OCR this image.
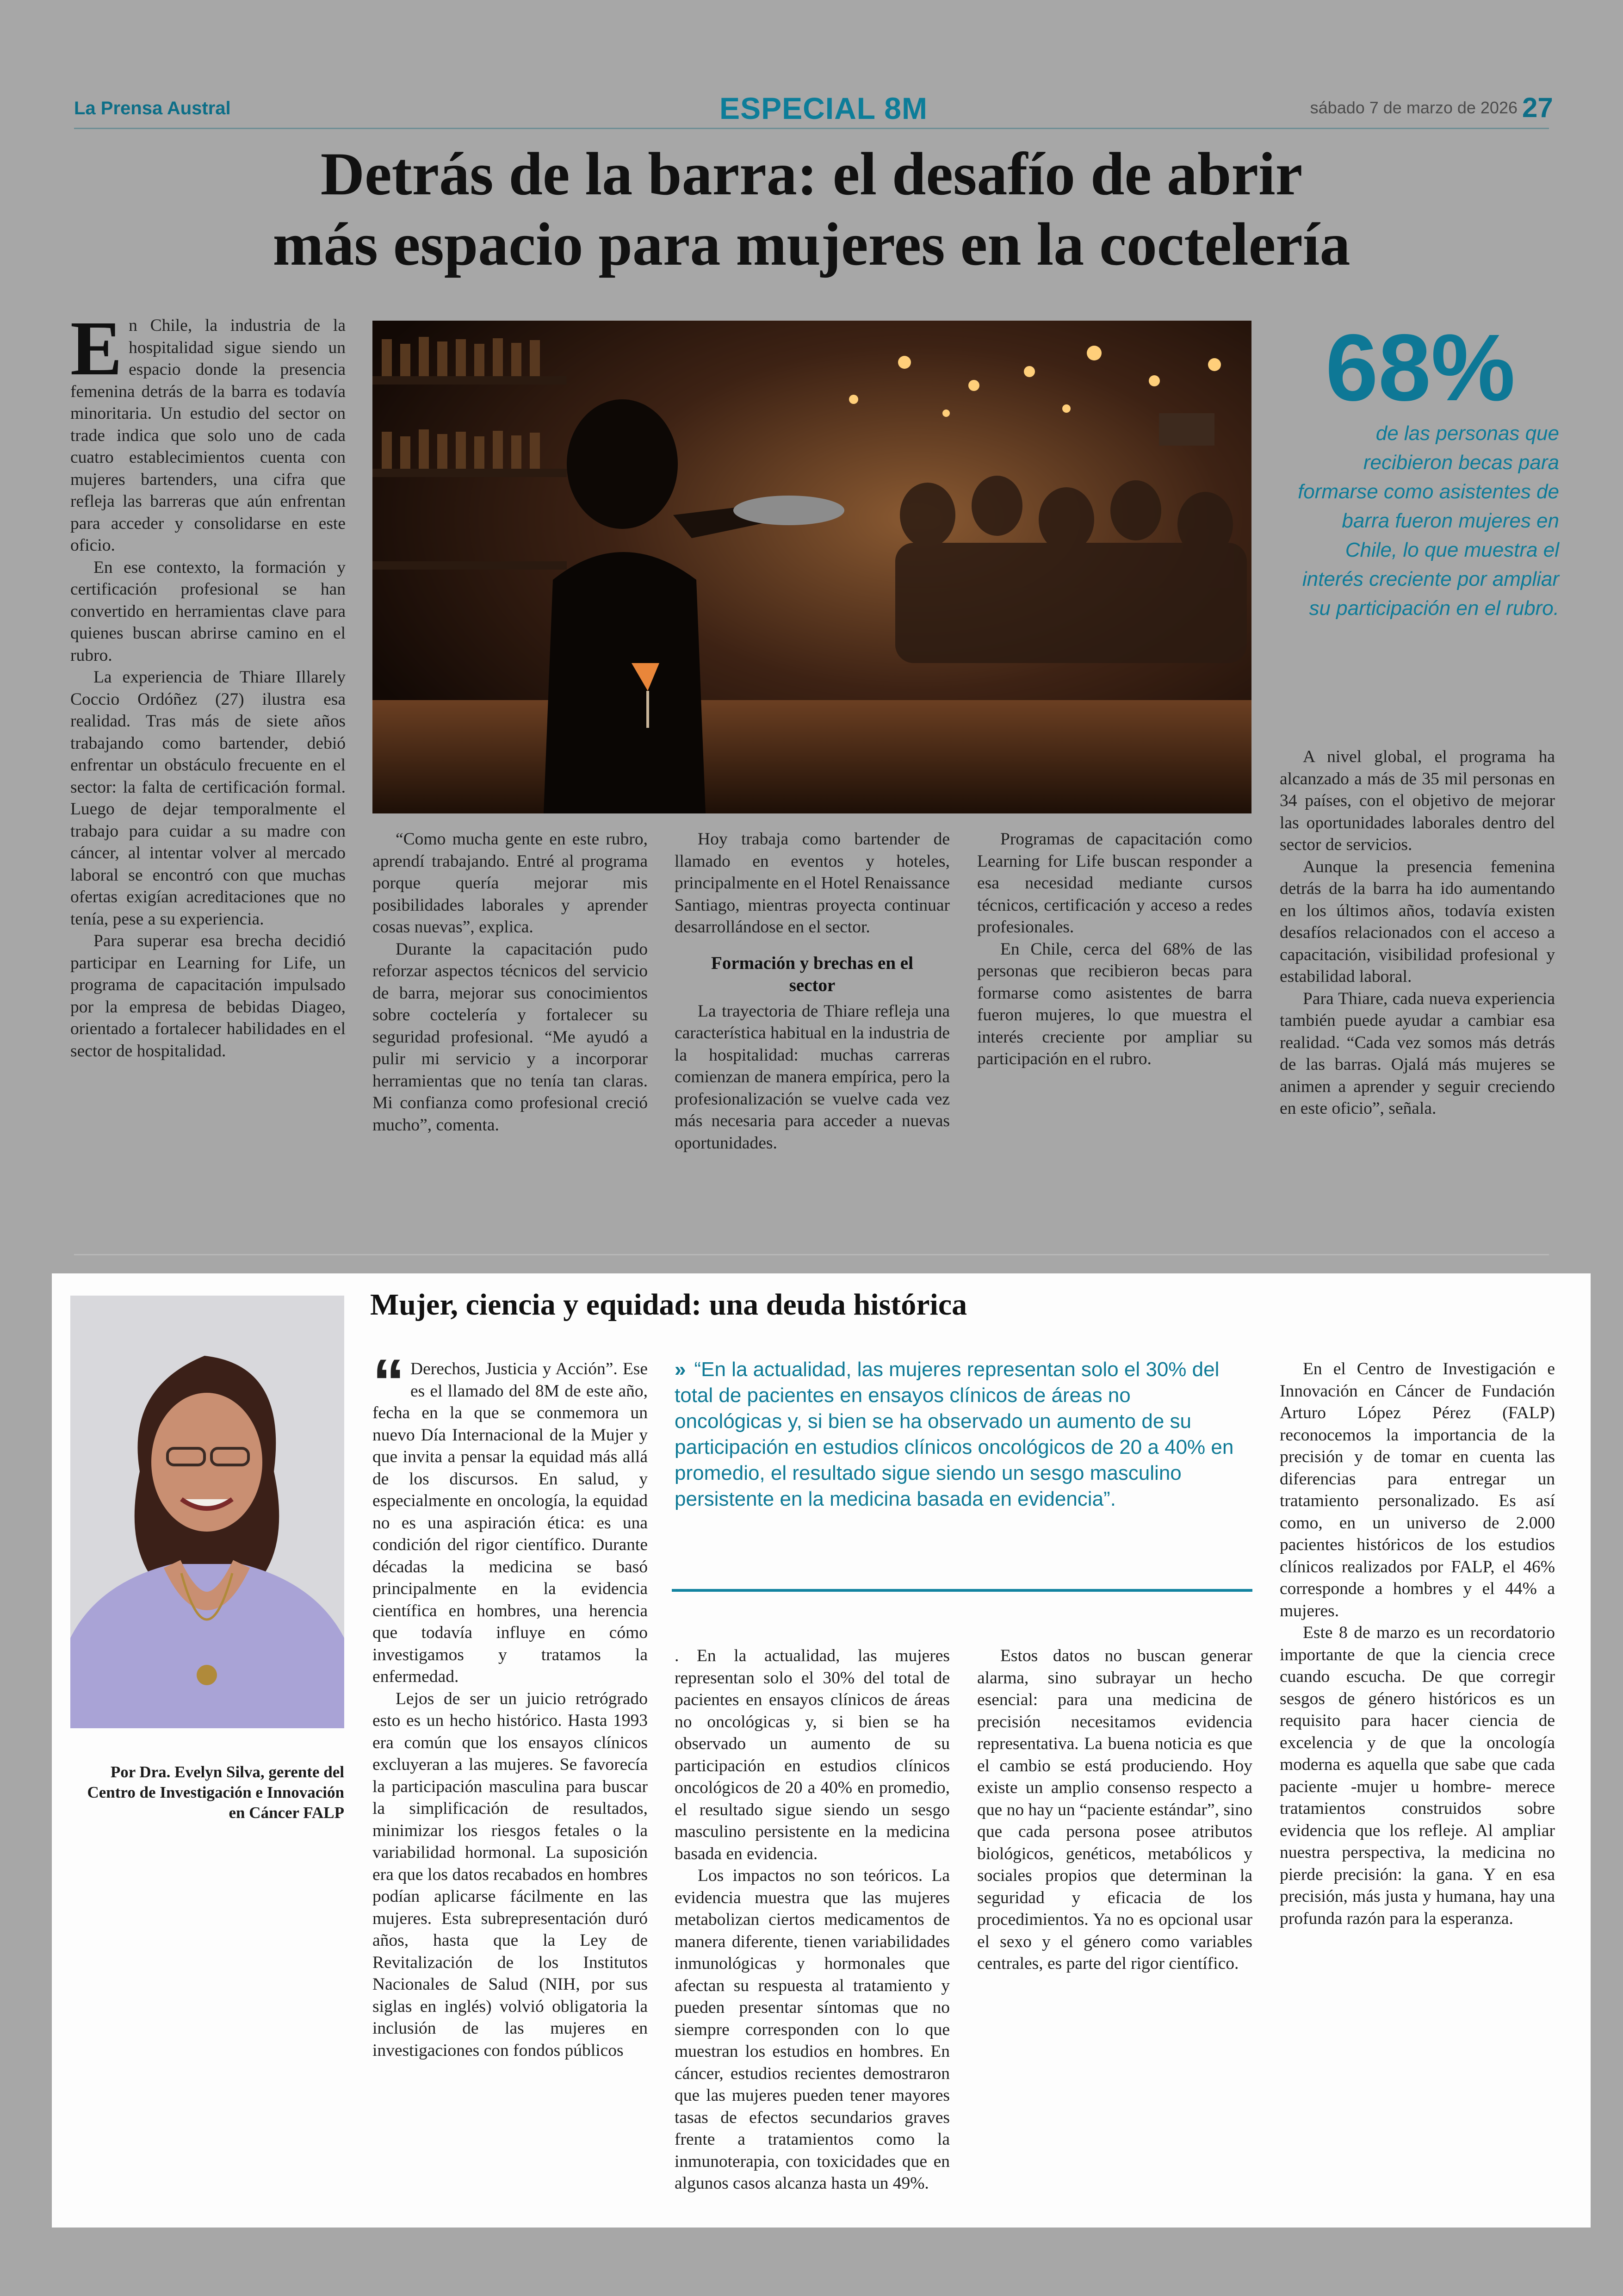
La Prensa Austral	ESPECIAL 8M	sábado 7 de marzo de 2026 27
Detrás de la barra: el desafío de abrir
más espacio para mujeres en la coctelería

En Chile, la industria de la hospitalidad sigue siendo un espacio donde la presencia femenina detrás de la barra es todavía minoritaria. Un estudio del sector on trade indica que solo uno de cada cuatro establecimientos cuenta con mujeres bartenders, una cifra que refleja las barreras que aún enfrentan para acceder y consolidarse en este oficio.

En ese contexto, la formación y certificación profesional se han convertido en herramientas clave para quienes buscan abrirse camino en el rubro.

La experiencia de Thiare Illarely Coccio Ordóñez (27) ilustra esa realidad. Tras más de siete años trabajando como bartender, debió enfrentar un obstáculo frecuente en el sector: la falta de certificación formal. Luego de dejar temporalmente el trabajo para cuidar a su madre con cáncer, al intentar volver al mercado laboral se encontró con que muchas ofertas exigían acreditaciones que no tenía, pese a su experiencia.

Para superar esa brecha decidió participar en Learning for Life, un programa de capacitación impulsado por la empresa de bebidas Diageo, orientado a fortalecer habilidades en el sector de hospitalidad.

68%
de las personas que recibieron becas para formarse como asistentes de barra fueron mujeres en Chile, lo que muestra el interés creciente por ampliar su participación en el rubro.

“Como mucha gente en este rubro, aprendí trabajando. Entré al programa porque quería mejorar mis posibilidades laborales y aprender cosas nuevas”, explica.

Durante la capacitación pudo reforzar aspectos técnicos del servicio de barra, mejorar sus conocimientos sobre coctelería y fortalecer su seguridad profesional. “Me ayudó a pulir mi servicio y a incorporar herramientas que no tenía tan claras. Mi confianza como profesional creció mucho”, comenta.

Hoy trabaja como bartender de llamado en eventos y hoteles, principalmente en el Hotel Renaissance Santiago, mientras proyecta continuar desarrollándose en el sector.

Formación y brechas en el sector

La trayectoria de Thiare refleja una característica habitual en la industria de la hospitalidad: muchas carreras comienzan de manera empírica, pero la profesionalización se vuelve cada vez más necesaria para acceder a nuevas oportunidades.

Programas de capacitación como Learning for Life buscan responder a esa necesidad mediante cursos técnicos, certificación y acceso a redes profesionales.

En Chile, cerca del 68% de las personas que recibieron becas para formarse como asistentes de barra fueron mujeres, lo que muestra el interés creciente por ampliar su participación en el rubro.

A nivel global, el programa ha alcanzado a más de 35 mil personas en 34 países, con el objetivo de mejorar las oportunidades laborales dentro del sector de servicios.

Aunque la presencia femenina detrás de la barra ha ido aumentando en los últimos años, todavía existen desafíos relacionados con el acceso a capacitación, visibilidad profesional y estabilidad laboral.

Para Thiare, cada nueva experiencia también puede ayudar a cambiar esa realidad. “Cada vez somos más detrás de las barras. Ojalá más mujeres se animen a aprender y seguir creciendo en este oficio”, señala.

Por Dra. Evelyn Silva, gerente del Centro de Investigación e Innovación en Cáncer FALP
Mujer, ciencia y equidad: una deuda histórica

“ Derechos, Justicia y Acción”. Ese es el llamado del 8M de este año, fecha en la que se conmemora un nuevo Día Internacional de la Mujer y que invita a pensar la equidad más allá de los discursos. En salud, y especialmente en oncología, la equidad no es una aspiración ética: es una condición del rigor científico. Durante décadas la medicina se basó principalmente en la evidencia científica en hombres, una herencia que todavía influye en cómo investigamos y tratamos la enfermedad.

Lejos de ser un juicio retrógrado esto es un hecho histórico. Hasta 1993 era común que los ensayos clínicos excluyeran a las mujeres. Se favorecía la participación masculina para buscar la simplificación de resultados, minimizar los riesgos fetales o la variabilidad hormonal. La suposición era que los datos recabados en hombres podían aplicarse fácilmente en las mujeres. Esta subrepresentación duró años, hasta que la Ley de Revitalización de los Institutos Nacionales de Salud (NIH, por sus siglas en inglés) volvió obligatoria la inclusión de las mujeres en investigaciones con fondos públicos

» “En la actualidad, las mujeres representan solo el 30% del total de pacientes en ensayos clínicos de áreas no oncológicas y, si bien se ha observado un aumento de su participación en estudios clínicos oncológicos de 20 a 40% en promedio, el resultado sigue siendo un sesgo masculino persistente en la medicina basada en evidencia”.

. En la actualidad, las mujeres representan solo el 30% del total de pacientes en ensayos clínicos de áreas no oncológicas y, si bien se ha observado un aumento de su participación en estudios clínicos oncológicos de 20 a 40% en promedio, el resultado sigue siendo un sesgo masculino persistente en la medicina basada en evidencia.

Los impactos no son teóricos. La evidencia muestra que las mujeres metabolizan ciertos medicamentos de manera diferente, tienen variabilidades inmunológicas y hormonales que afectan su respuesta al tratamiento y pueden presentar síntomas que no siempre corresponden con lo que muestran los estudios en hombres. En cáncer, estudios recientes demostraron que las mujeres pueden tener mayores tasas de efectos secundarios graves frente a tratamientos como la inmunoterapia, con toxicidades que en algunos casos alcanza hasta un 49%.

Estos datos no buscan generar alarma, sino subrayar un hecho esencial: para una medicina de precisión necesitamos evidencia representativa. La buena noticia es que el cambio se está produciendo. Hoy existe un amplio consenso respecto a que no hay un “paciente estándar”, sino que cada persona posee atributos biológicos, genéticos, metabólicos y sociales propios que determinan la seguridad y eficacia de los procedimientos. Ya no es opcional usar el sexo y el género como variables centrales, es parte del rigor científico.

En el Centro de Investigación e Innovación en Cáncer de Fundación Arturo López Pérez (FALP) reconocemos la importancia de la precisión y de tomar en cuenta las diferencias para entregar un tratamiento personalizado. Es así como, en un universo de 2.000 pacientes históricos de los estudios clínicos realizados por FALP, el 46% corresponde a hombres y el 44% a mujeres.

Este 8 de marzo es un recordatorio importante de que la ciencia crece cuando escucha. De que corregir sesgos de género históricos es un requisito para hacer ciencia de excelencia y de que la oncología moderna es aquella que sabe que cada paciente -mujer u hombre- merece tratamientos construidos sobre evidencia que los refleje. Al ampliar nuestra perspectiva, la medicina no pierde precisión: la gana. Y en esa precisión, más justa y humana, hay una profunda razón para la esperanza.
